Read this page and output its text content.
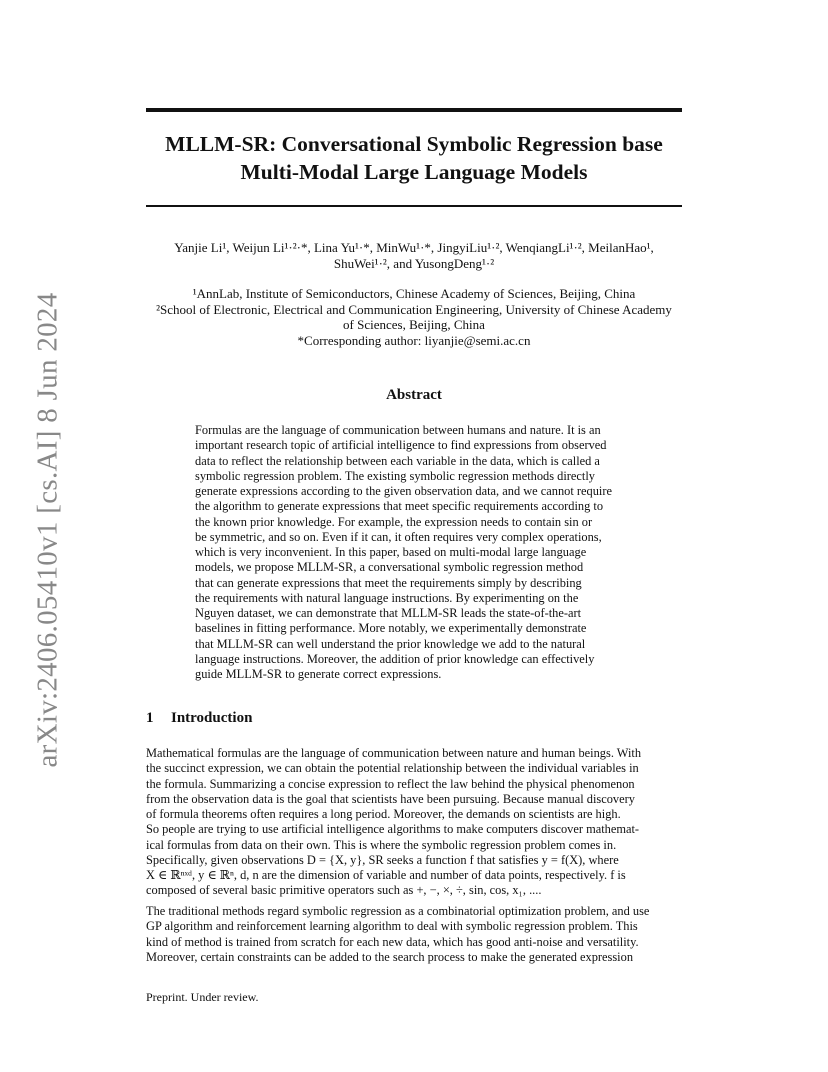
arXiv:2406.05410v1 [cs.AI] 8 Jun 2024
MLLM-SR: Conversational Symbolic Regression base
Multi-Modal Large Language Models
Yanjie Li¹, Weijun Li¹·²·*, Lina Yu¹·*, MinWu¹·*, JingyiLiu¹·², WenqiangLi¹·², MeilanHao¹,
ShuWei¹·², and YusongDeng¹·²
¹AnnLab, Institute of Semiconductors, Chinese Academy of Sciences, Beijing, China
²School of Electronic, Electrical and Communication Engineering, University of Chinese Academy
of Sciences, Beijing, China
*Corresponding author: liyanjie@semi.ac.cn
Abstract
Formulas are the language of communication between humans and nature. It is an
important research topic of artificial intelligence to find expressions from observed
data to reflect the relationship between each variable in the data, which is called a
symbolic regression problem. The existing symbolic regression methods directly
generate expressions according to the given observation data, and we cannot require
the algorithm to generate expressions that meet specific requirements according to
the known prior knowledge. For example, the expression needs to contain sin or
be symmetric, and so on. Even if it can, it often requires very complex operations,
which is very inconvenient. In this paper, based on multi-modal large language
models, we propose MLLM-SR, a conversational symbolic regression method
that can generate expressions that meet the requirements simply by describing
the requirements with natural language instructions. By experimenting on the
Nguyen dataset, we can demonstrate that MLLM-SR leads the state-of-the-art
baselines in fitting performance. More notably, we experimentally demonstrate
that MLLM-SR can well understand the prior knowledge we add to the natural
language instructions. Moreover, the addition of prior knowledge can effectively
guide MLLM-SR to generate correct expressions.
1 Introduction
Mathematical formulas are the language of communication between nature and human beings. With
the succinct expression, we can obtain the potential relationship between the individual variables in
the formula. Summarizing a concise expression to reflect the law behind the physical phenomenon
from the observation data is the goal that scientists have been pursuing. Because manual discovery
of formula theorems often requires a long period. Moreover, the demands on scientists are high.
So people are trying to use artificial intelligence algorithms to make computers discover mathemat-
ical formulas from data on their own. This is where the symbolic regression problem comes in.
Specifically, given observations D = {X, y}, SR seeks a function f that satisfies y = f(X), where
X ∈ ℝⁿˣᵈ, y ∈ ℝⁿ, d, n are the dimension of variable and number of data points, respectively. f is
composed of several basic primitive operators such as +, −, ×, ÷, sin, cos, x₁, ....
The traditional methods regard symbolic regression as a combinatorial optimization problem, and use
GP algorithm and reinforcement learning algorithm to deal with symbolic regression problem. This
kind of method is trained from scratch for each new data, which has good anti-noise and versatility.
Moreover, certain constraints can be added to the search process to make the generated expression
Preprint. Under review.
